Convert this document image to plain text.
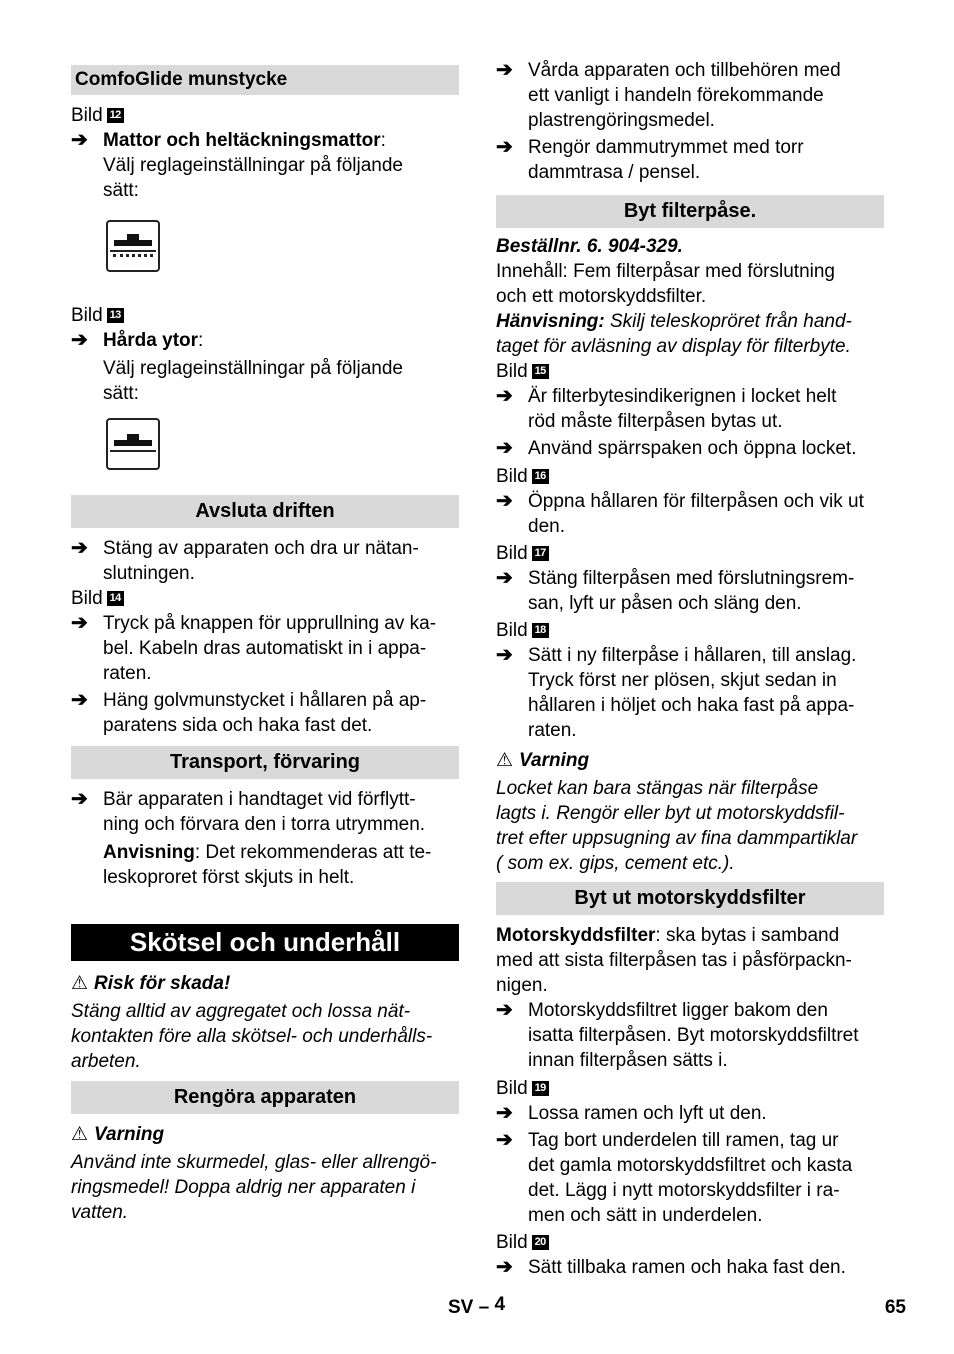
ComfoGlide munstycke
Bild 12
➔ Mattor och heltäckningsmattor:
Välj reglageinställningar på följande
sätt:
Bild 13
➔ Hårda ytor:
Välj reglageinställningar på följande
sätt:
Avsluta driften
➔ Stäng av apparaten och dra ur nätan-
slutningen.
Bild 14
➔ Tryck på knappen för upprullning av ka-
bel. Kabeln dras automatiskt in i appa-
raten.
➔ Häng golvmunstycket i hållaren på ap-
paratens sida och haka fast det.
Transport, förvaring
➔ Bär apparaten i handtaget vid förflytt-
ning och förvara den i torra utrymmen.
Anvisning: Det rekommenderas att te-
leskoproret först skjuts in helt.
Skötsel och underhåll
⚠ Risk för skada!
Stäng alltid av aggregatet och lossa nät-
kontakten före alla skötsel- och underhålls-
arbeten.
Rengöra apparaten
⚠ Varning
Använd inte skurmedel, glas- eller allrengö-
ringsmedel! Doppa aldrig ner apparaten i
vatten.
➔ Vårda apparaten och tillbehören med
ett vanligt i handeln förekommande
plastrengöringsmedel.
➔ Rengör dammutrymmet med torr
dammtrasa / pensel.
Byt filterpåse.
Beställnr. 6. 904-329.
Innehåll: Fem filterpåsar med förslutning
och ett motorskyddsfilter.
Hänvisning: Skilj teleskopröret från hand-
taget för avläsning av display för filterbyte.
Bild 15
➔ Är filterbytesindikerignen i locket helt
röd måste filterpåsen bytas ut.
➔ Använd spärrspaken och öppna locket.
Bild 16
➔ Öppna hållaren för filterpåsen och vik ut
den.
Bild 17
➔ Stäng filterpåsen med förslutningsrem-
san, lyft ur påsen och släng den.
Bild 18
➔ Sätt i ny filterpåse i hållaren, till anslag.
Tryck först ner plösen, skjut sedan in
hållaren i höljet och haka fast på appa-
raten.
⚠ Varning
Locket kan bara stängas när filterpåse
lagts i. Rengör eller byt ut motorskyddsfil-
tret efter uppsugning av fina dammpartiklar
( som ex. gips, cement etc.).
Byt ut motorskyddsfilter
Motorskyddsfilter: ska bytas i samband
med att sista filterpåsen tas i påsförpackn-
nigen.
➔ Motorskyddsfiltret ligger bakom den
isatta filterpåsen. Byt motorskyddsfiltret
innan filterpåsen sätts i.
Bild 19
➔ Lossa ramen och lyft ut den.
➔ Tag bort underdelen till ramen, tag ur
det gamla motorskyddsfiltret och kasta
det. Lägg i nytt motorskyddsfilter i ra-
men och sätt in underdelen.
Bild 20
➔ Sätt tillbaka ramen och haka fast den.
SV – 4	65
